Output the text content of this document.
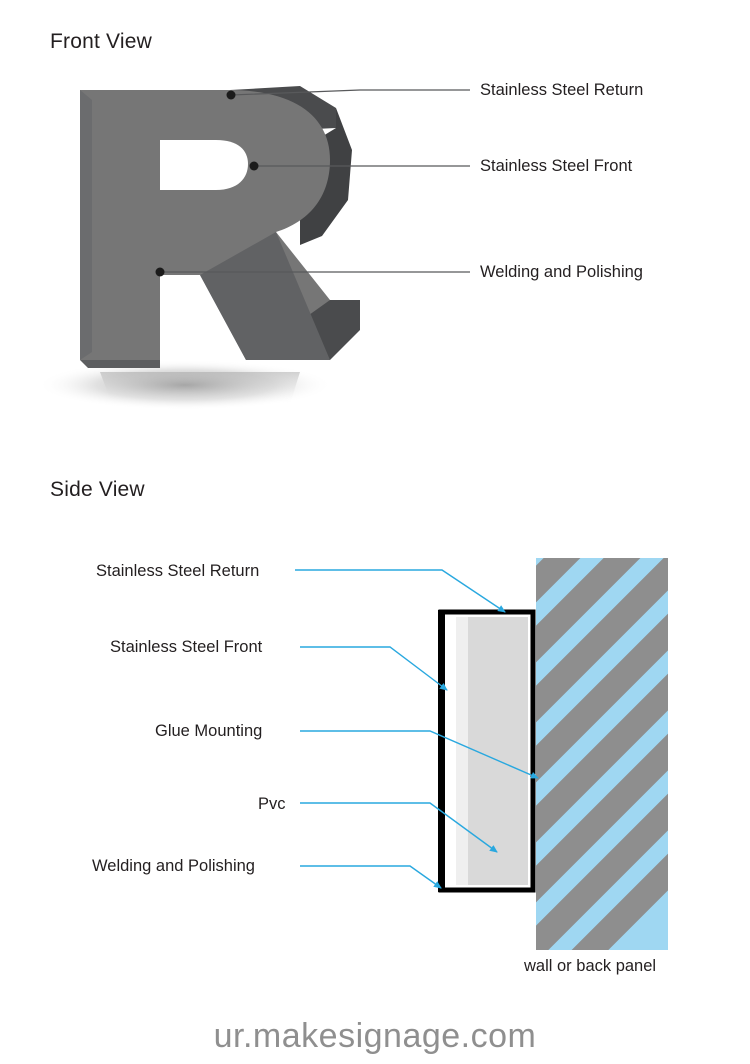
Front View
Stainless Steel Return
Stainless Steel Front
Welding and Polishing
Side View
Stainless Steel Return
Stainless Steel Front
Glue Mounting
Pvc
Welding and Polishing
wall or back panel
ur.makesignage.com
